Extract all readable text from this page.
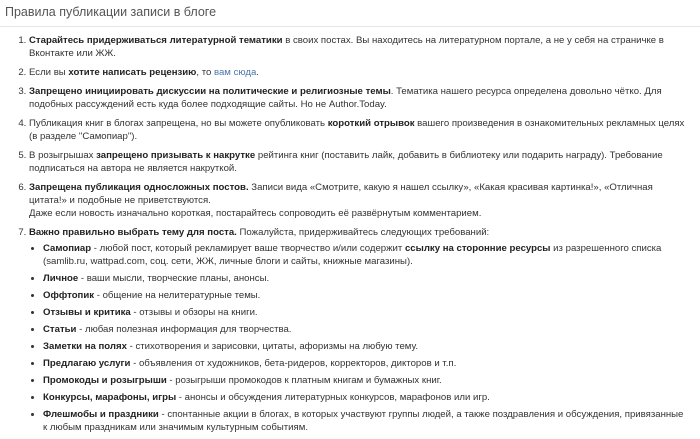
Правила публикации записи в блоге
1. Старайтесь придерживаться литературной тематики в своих постах. Вы находитесь на литературном портале, а не у себя на страничке в Вконтакте или ЖЖ.
2. Если вы хотите написать рецензию, то вам сюда.
3. Запрещено инициировать дискуссии на политические и религиозные темы. Тематика нашего ресурса определена довольно чётко. Для подобных рассуждений есть куда более подходящие сайты. Но не Author.Today.
4. Публикация книг в блогах запрещена, но вы можете опубликовать короткий отрывок вашего произведения в ознакомительных рекламных целях (в разделе "Самопиар").
5. В розыгрышах запрещено призывать к накрутке рейтинга книг (поставить лайк, добавить в библиотеку или подарить награду). Требование подписаться на автора не является накруткой.
6. Запрещена публикация односложных постов. Записи вида «Смотрите, какую я нашел ссылку», «Какая красивая картинка!», «Отличная цитата!» и подобные не приветствуются.
Даже если новость изначально короткая, постарайтесь сопроводить её развёрнутым комментарием.
7. Важно правильно выбрать тему для поста. Пожалуйста, придерживайтесь следующих требований:
• Самопиар - любой пост, который рекламирует ваше творчество и/или содержит ссылку на сторонние ресурсы из разрешенного списка (samlib.ru, wattpad.com, соц. сети, ЖЖ, личные блоги и сайты, книжные магазины).
• Личное - ваши мысли, творческие планы, анонсы.
• Оффтопик - общение на нелитературные темы.
• Отзывы и критика - отзывы и обзоры на книги.
• Статьи - любая полезная информация для творчества.
• Заметки на полях - стихотворения и зарисовки, цитаты, афоризмы на любую тему.
• Предлагаю услуги - объявления от художников, бета-ридеров, корректоров, дикторов и т.п.
• Промокоды и розыгрыши - розыгрыши промокодов к платным книгам и бумажных книг.
• Конкурсы, марафоны, игры - анонсы и обсуждения литературных конкурсов, марафонов или игр.
• Флешмобы и праздники - спонтанные акции в блогах, в которых участвуют группы людей, а также поздравления и обсуждения, привязанные к любым праздникам или значимым культурным событиям.
